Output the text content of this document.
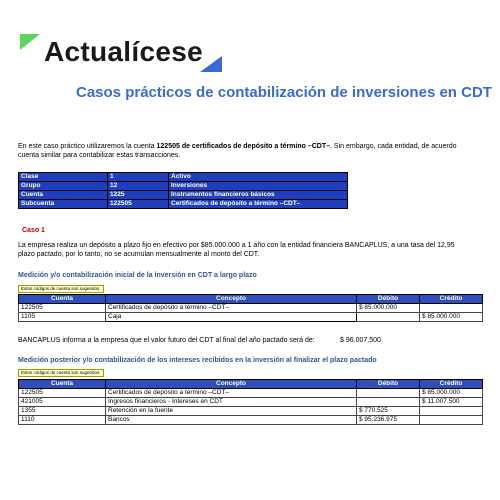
Actualícese
Casos prácticos de contabilización de inversiones en CDT
En este caso práctico utilizaremos la cuenta 122505 de certificados de depósito a término –CDT–. Sin embargo, cada entidad, de acuerdo
cuenta similar para contabilizar estas transacciones.
Clase	1	Activo
Grupo	12	Inversiones
Cuenta	1225	Instrumentos financieros básicos
Subcuenta	122505	Certificados de depósito a término –CDT–
Caso 1
La empresa realiza un depósito a plazo fijo en efectivo por $85.000.000 a 1 año con la entidad financiera BANCAPLUS, a una tasa del 12,95
plazo pactado, por lo tanto, no se acumulan mensualmente al monto del CDT.
Medición y/o contabilización inicial de la inversión en CDT a largo plazo
Estos códigos de cuenta son sugeridos.
Cuenta	Concepto	Débito	Crédito
122505	Certificados de depósito a término –CDT–	$ 85.000.000	
1105	Caja		$ 85.000.000
BANCAPLUS informa a la empresa que el valor futuro del CDT al final del año pactado será de:	$ 96.007.500
Medición posterior y/o contabilización de los intereses recibidos en la inversión al finalizar el plazo pactado
Estos códigos de cuenta son sugeridos.
Cuenta	Concepto	Débito	Crédito
122505	Certificados de depósito a término –CDT–		$ 85.000.000
421005	Ingresos financieros - Intereses en CDT		$ 11.007.500
1355	Retención en la fuente	$ 770.525	
1110	Bancos	$ 95.236.975	
